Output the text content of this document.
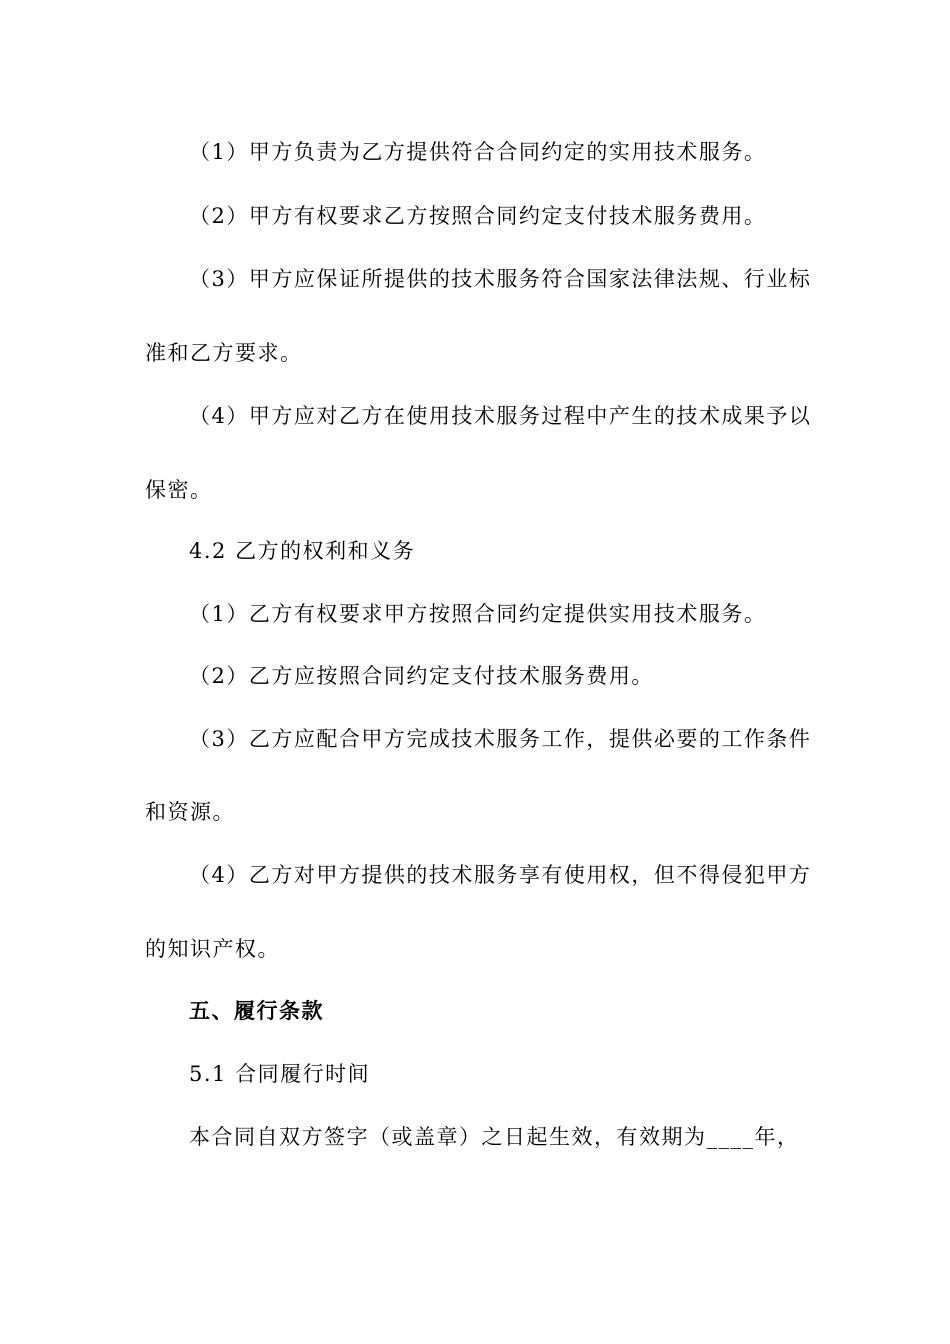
（1）甲方负责为乙方提供符合合同约定的实用技术服务。
（2）甲方有权要求乙方按照合同约定支付技术服务费用。
（3）甲方应保证所提供的技术服务符合国家法律法规、行业标
准和乙方要求。
（4）甲方应对乙方在使用技术服务过程中产生的技术成果予以
保密。
4.2 乙方的权利和义务
（1）乙方有权要求甲方按照合同约定提供实用技术服务。
（2）乙方应按照合同约定支付技术服务费用。
（3）乙方应配合甲方完成技术服务工作，提供必要的工作条件
和资源。
（4）乙方对甲方提供的技术服务享有使用权，但不得侵犯甲方
的知识产权。
五、履行条款
5.1 合同履行时间
本合同自双方签字（或盖章）之日起生效，有效期为____年，
